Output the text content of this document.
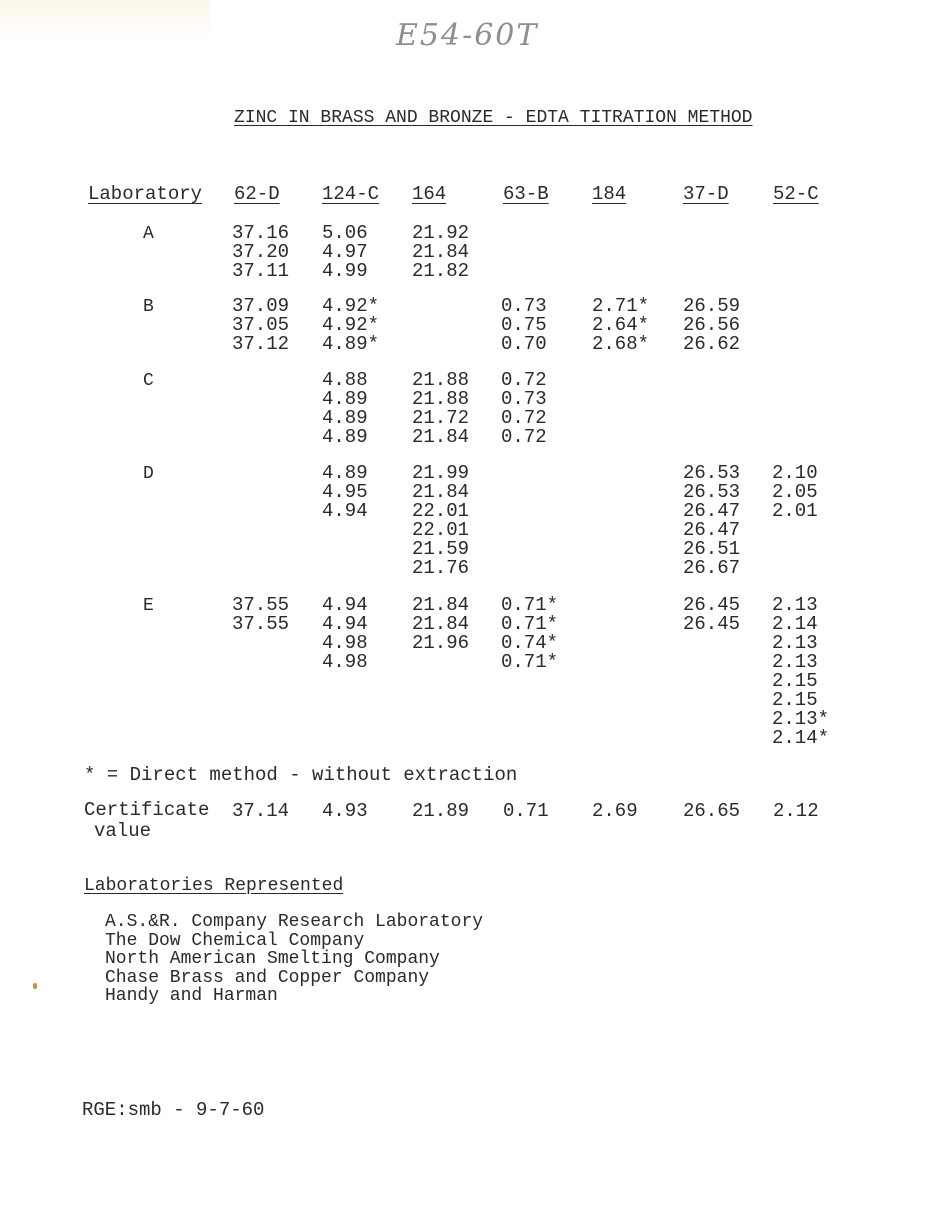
E54-60T
ZINC IN BRASS AND BRONZE - EDTA TITRATION METHOD
Laboratory 62-D 124-C 164	63-B 184	37-D 52-C
A
B
C
D
E
37.16
37.20
37.11
5.06
4.97
4.99
21.92
21.84
21.82
37.09
37.05
37.12
4.92*
4.92*
4.89*
0.73
0.75
0.70
2.71*
2.64*
2.68*
26.59
26.56
26.62
4.88
4.89
4.89
4.89
21.88
21.88
21.72
21.84
0.72
0.73
0.72
0.72
4.89
4.95
4.94
21.99
21.84
22.01
22.01
21.59
21.76
26.53
26.53
26.47
26.47
26.51
26.67
2.10
2.05
2.01
37.55
37.55
4.94
4.94
4.98
4.98
21.84
21.84
21.96
0.71*
0.71*
0.74*
0.71*
26.45
26.45
2.13
2.14
2.13
2.13
2.15
2.15
2.13*
2.14*
* = Direct method - without extraction
Certificate
value
37.14 4.93 21.89 0.71 2.69 26.65 2.12
Laboratories Represented
A.S.&R. Company Research Laboratory
The Dow Chemical Company
North American Smelting Company
Chase Brass and Copper Company
Handy and Harman
RGE:smb - 9-7-60
